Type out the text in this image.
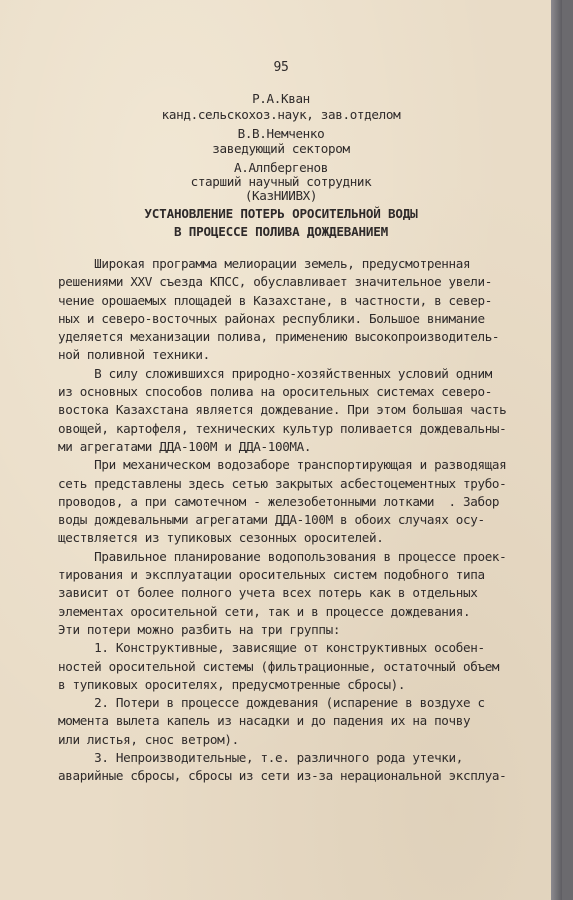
95
Р.А.Кван
канд.сельскохоз.наук, зав.отделом
В.В.Немченко
заведующий сектором
А.Алпбергенов
старший научный сотрудник
(КазНИИВХ)
УСТАНОВЛЕНИЕ ПОТЕРЬ ОРОСИТЕЛЬНОЙ ВОДЫ
В ПРОЦЕССЕ ПОЛИВА ДОЖДЕВАНИЕМ
Широкая программа мелиорации земель, предусмотренная
решениями XXV съезда КПСС, обуславливает значительное увели-
чение орошаемых площадей в Казахстане, в частности, в север-
ных и северо-восточных районах республики. Большое внимание
уделяется механизации полива, применению высокопроизводитель-
ной поливной техники.
В силу сложившихся природно-хозяйственных условий одним
из основных способов полива на оросительных системах северо-
востока Казахстана является дождевание. При этом большая часть
овощей, картофеля, технических культур поливается дождевальны-
ми агрегатами ДДА-100М и ДДА-100МА.
При механическом водозаборе транспортирующая и разводящая
сеть представлены здесь сетью закрытых асбестоцементных трубо-
проводов, а при самотечном - железобетонными лотками  . Забор
воды дождевальными агрегатами ДДА-100М в обоих случаях осу-
ществляется из тупиковых сезонных оросителей.
Правильное планирование водопользования в процессе проек-
тирования и эксплуатации оросительных систем подобного типа
зависит от более полного учета всех потерь как в отдельных
элементах оросительной сети, так и в процессе дождевания.
Эти потери можно разбить на три группы:
1. Конструктивные, зависящие от конструктивных особен-
ностей оросительной системы (фильтрационные, остаточный объем
в тупиковых оросителях, предусмотренные сбросы).
2. Потери в процессе дождевания (испарение в воздухе с
момента вылета капель из насадки и до падения их на почву
или листья, снос ветром).
3. Непроизводительные, т.е. различного рода утечки,
аварийные сбросы, сбросы из сети из-за нерациональной эксплуа-
